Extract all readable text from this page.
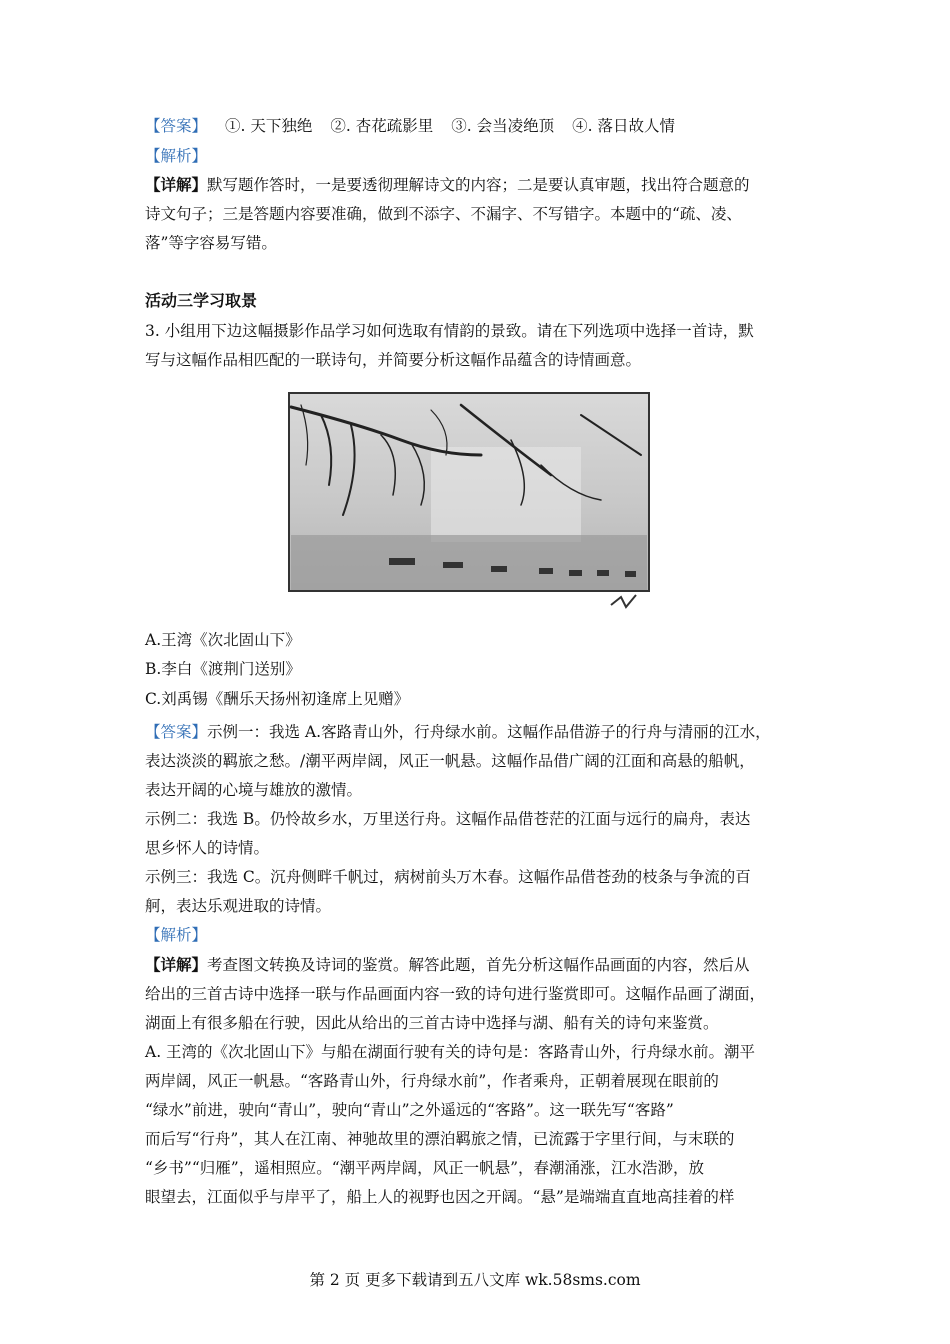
【答案】 ①. 天下独绝 ②. 杏花疏影里 ③. 会当凌绝顶 ④. 落日故人情
【解析】
【详解】默写题作答时，一是要透彻理解诗文的内容；二是要认真审题，找出符合题意的
诗文句子；三是答题内容要准确，做到不添字、不漏字、不写错字。本题中的“疏、凌、
落”等字容易写错。
活动三学习取景
3. 小组用下边这幅摄影作品学习如何选取有情韵的景致。请在下列选项中选择一首诗，默
写与这幅作品相匹配的一联诗句，并简要分析这幅作品蕴含的诗情画意。
A.王湾《次北固山下》
B.李白《渡荆门送别》
C.刘禹锡《酬乐天扬州初逢席上见赠》
【答案】示例一：我选 A.客路青山外，行舟绿水前。这幅作品借游子的行舟与清丽的江水，
表达淡淡的羁旅之愁。/潮平两岸阔，风正一帆悬。这幅作品借广阔的江面和高悬的船帆，
表达开阔的心境与雄放的激情。
示例二：我选 B。仍怜故乡水，万里送行舟。这幅作品借苍茫的江面与远行的扁舟，表达
思乡怀人的诗情。
示例三：我选 C。沉舟侧畔千帆过，病树前头万木春。这幅作品借苍劲的枝条与争流的百
舸，表达乐观进取的诗情。
【解析】
【详解】考查图文转换及诗词的鉴赏。解答此题，首先分析这幅作品画面的内容，然后从
给出的三首古诗中选择一联与作品画面内容一致的诗句进行鉴赏即可。这幅作品画了湖面，
湖面上有很多船在行驶，因此从给出的三首古诗中选择与湖、船有关的诗句来鉴赏。
A. 王湾的《次北固山下》与船在湖面行驶有关的诗句是：客路青山外，行舟绿水前。潮平
两岸阔，风正一帆悬。“客路青山外，行舟绿水前”，作者乘舟，正朝着展现在眼前的
“绿水”前进，驶向“青山”，驶向“青山”之外遥远的“客路”。这一联先写“客路”
而后写“行舟”，其人在江南、神驰故里的漂泊羁旅之情，已流露于字里行间，与末联的
“乡书”“归雁”，遥相照应。“潮平两岸阔，风正一帆悬”，春潮涌涨，江水浩渺，放
眼望去，江面似乎与岸平了，船上人的视野也因之开阔。“悬”是端端直直地高挂着的样
第 2 页 更多下载请到五八文库 wk.58sms.com
